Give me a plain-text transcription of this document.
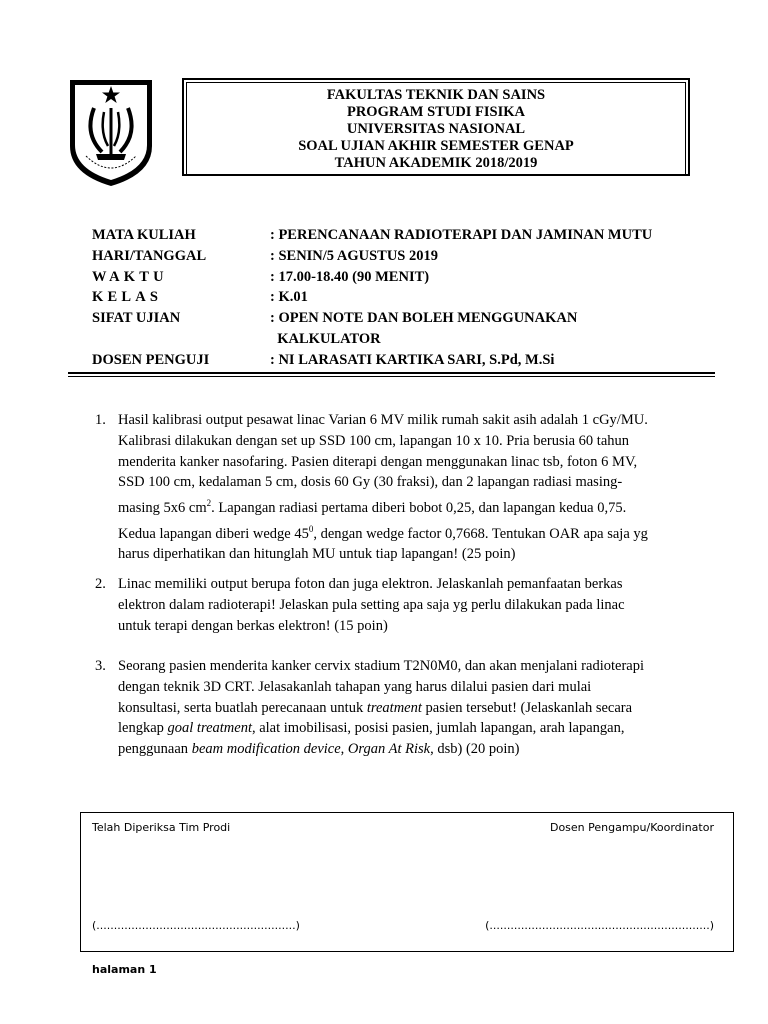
FAKULTAS TEKNIK DAN SAINS
PROGRAM STUDI FISIKA
UNIVERSITAS NASIONAL
SOAL UJIAN AKHIR SEMESTER GENAP
TAHUN AKADEMIK 2018/2019
MATA KULIAH	: PERENCANAAN RADIOTERAPI DAN JAMINAN MUTU
HARI/TANGGAL	: SENIN/5 AGUSTUS 2019
WAKTU	: 17.00-18.40 (90 MENIT)
KELAS	: K.01
SIFAT UJIAN	: OPEN NOTE DAN BOLEH MENGGUNAKAN
KALKULATOR
DOSEN PENGUJI	: NI LARASATI KARTIKA SARI, S.Pd, M.Si
1. Hasil kalibrasi output pesawat linac Varian 6 MV milik rumah sakit asih adalah 1 cGy/MU.
Kalibrasi dilakukan dengan set up SSD 100 cm, lapangan 10 x 10. Pria berusia 60 tahun
menderita kanker nasofaring. Pasien diterapi dengan menggunakan linac tsb, foton 6 MV,
SSD 100 cm, kedalaman 5 cm, dosis 60 Gy (30 fraksi), dan 2 lapangan radiasi masing-
masing 5x6 $cm^2$. Lapangan radiasi pertama diberi bobot 0,25, dan lapangan kedua 0,75.
Kedua lapangan diberi wedge $45^0$, dengan wedge factor 0,7668. Tentukan OAR apa saja yg
harus diperhatikan dan hitunglah MU untuk tiap lapangan! (25 poin)
2. Linac memiliki output berupa foton dan juga elektron. Jelaskanlah pemanfaatan berkas
elektron dalam radioterapi! Jelaskan pula setting apa saja yg perlu dilakukan pada linac
untuk terapi dengan berkas elektron! (15 poin)
3. Seorang pasien menderita kanker cervix stadium T2N0M0, dan akan menjalani radioterapi
dengan teknik 3D CRT. Jelasakanlah tahapan yang harus dilalui pasien dari mulai
konsultasi, serta buatlah perecanaan untuk treatment pasien tersebut! (Jelaskanlah secara
lengkap goal treatment, alat imobilisasi, posisi pasien, jumlah lapangan, arah lapangan,
penggunaan beam modification device, Organ At Risk, dsb) (20 poin)
Telah Diperiksa Tim Prodi	Dosen Pengampu/Koordinator
(.........................................................)	(...............................................................)
halaman 1
